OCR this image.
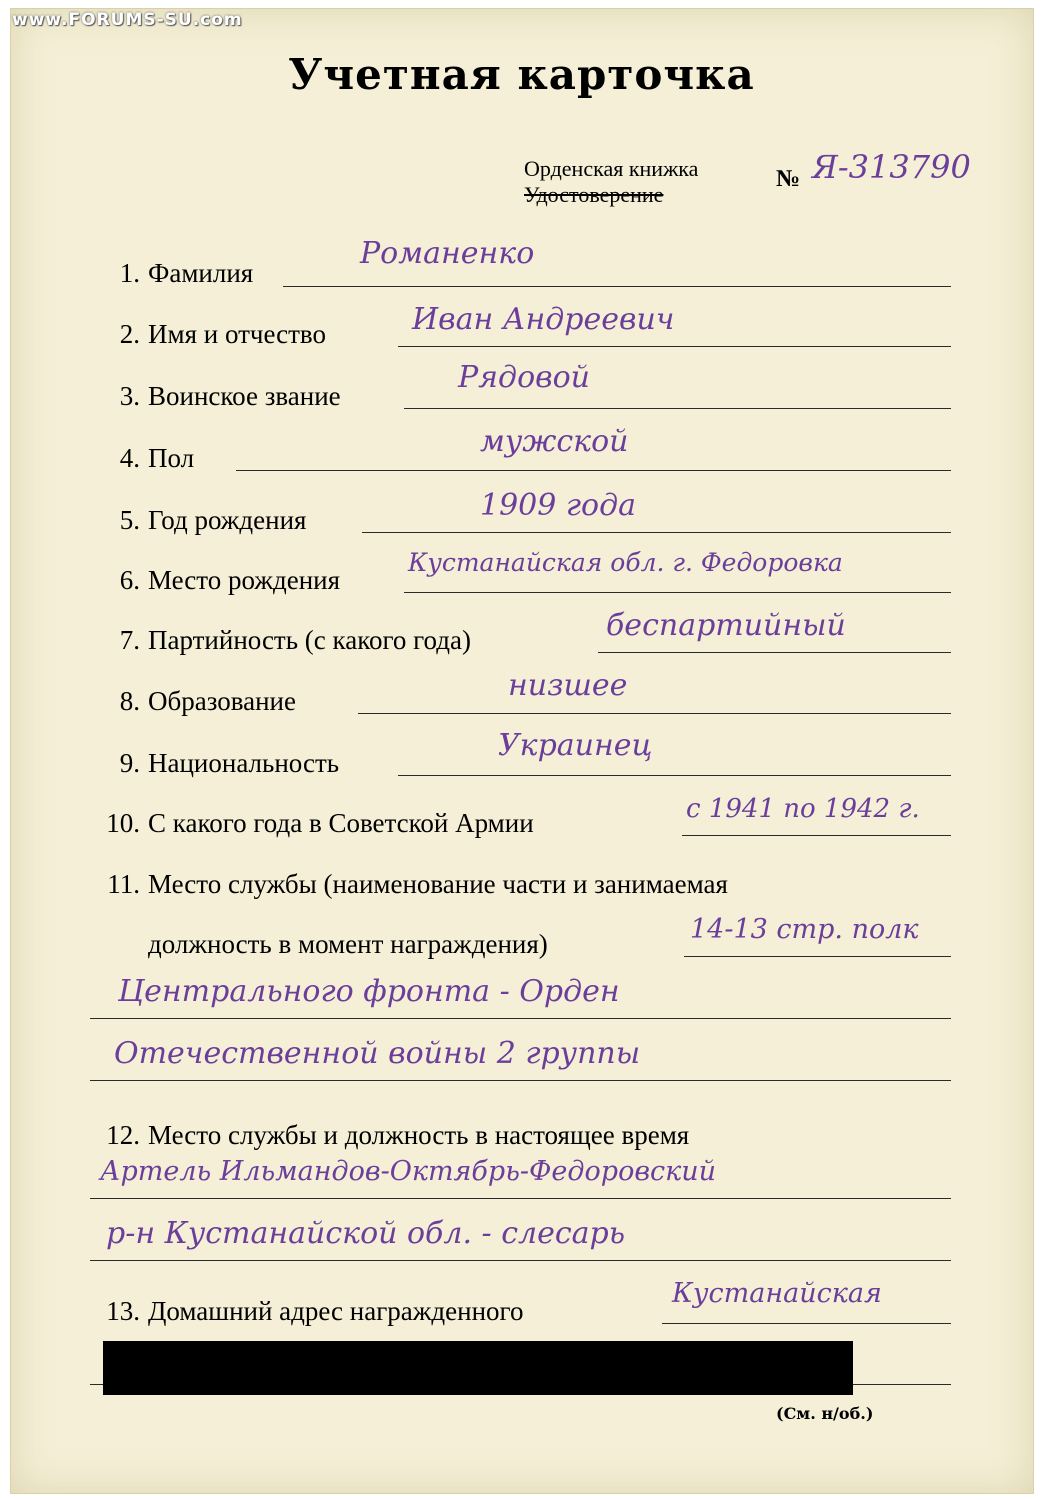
www.FORUMS-SU.com
Учетная карточка
Орденская книжка
Удостоверение
№ Я-313790
1. Фамилия
Романенко
2. Имя и отчество	Иван Андреевич
3. Воинское звание
Рядовой
4. Пол	мужской
5. Год рождения	1909 года
6. Место рождения
Кустанайская обл. г. Федоровка
7. Партийность (с какого года)	беспартийный
8. Образование	низшее
9. Национальность	Украинец
10. С какого года в Советской Армии	с 1941 по 1942 г.
11. Место службы (наименование части и занимаемая
должность в момент награждения)	14-13 стр. полк
Центрального фронта - Орден
Отечественной войны 2 группы
12. Место службы и должность в настоящее время
Артель Ильмандов-Октябрь-Федоровский
р-н Кустанайской обл. - слесарь
13. Домашний адрес награжденного
Кустанайская
(См. н/об.)
